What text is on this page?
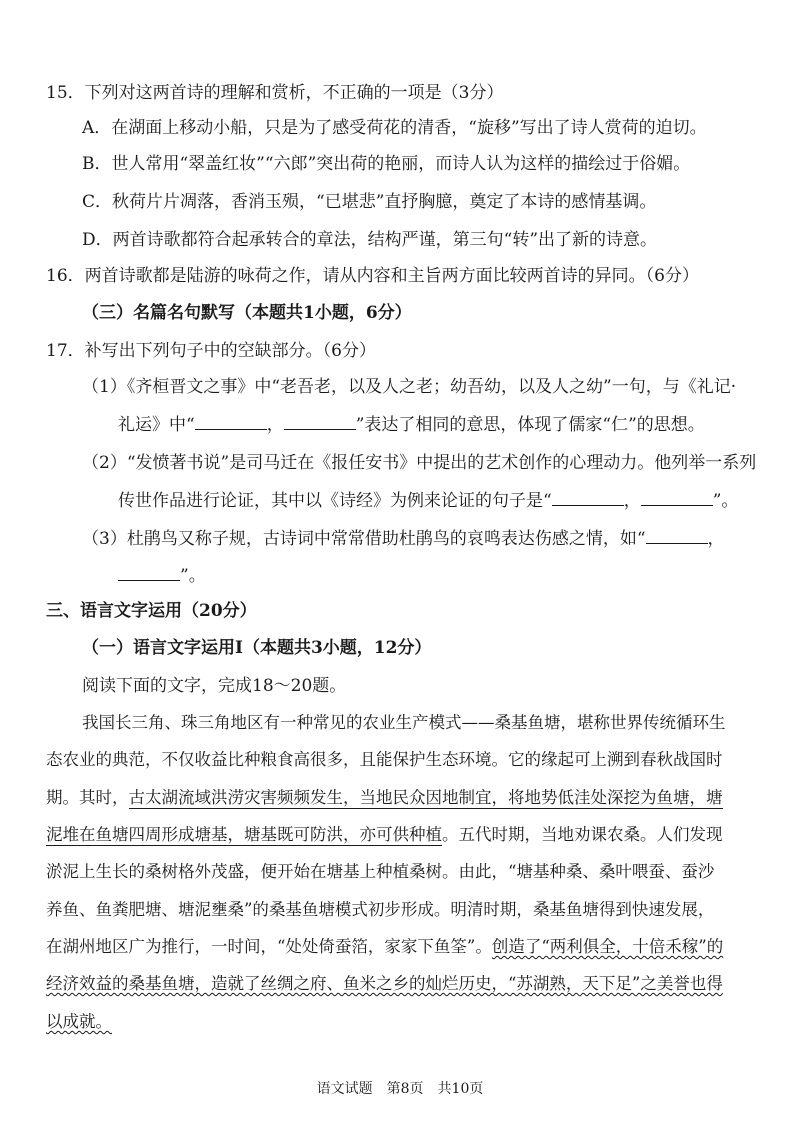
15．下列对这两首诗的理解和赏析，不正确的一项是（3分）
A．在湖面上移动小船，只是为了感受荷花的清香，“旋移”写出了诗人赏荷的迫切。
B．世人常用“翠盖红妆”“六郎”突出荷的艳丽，而诗人认为这样的描绘过于俗媚。
C．秋荷片片凋落，香消玉殒，“已堪悲”直抒胸臆，奠定了本诗的感情基调。
D．两首诗歌都符合起承转合的章法，结构严谨，第三句“转”出了新的诗意。
16．两首诗歌都是陆游的咏荷之作，请从内容和主旨两方面比较两首诗的异同。（6分）
（三）名篇名句默写（本题共1小题，6分）
17．补写出下列句子中的空缺部分。（6分）
（1）《齐桓晋文之事》中“老吾老，以及人之老；幼吾幼，以及人之幼”一句，与《礼记·
礼运》中“	，	”表达了相同的意思，体现了儒家“仁”的思想。
（2）“发愤著书说”是司马迁在《报任安书》中提出的艺术创作的心理动力。他列举一系列
传世作品进行论证，其中以《诗经》为例来论证的句子是“	，	”。
（3）杜鹃鸟又称子规，古诗词中常常借助杜鹃鸟的哀鸣表达伤感之情，如“	，
”。
三、语言文字运用（20分）
（一）语言文字运用Ⅰ（本题共3小题，12分）
阅读下面的文字，完成18～20题。
我国长三角、珠三角地区有一种常见的农业生产模式——桑基鱼塘，堪称世界传统循环生
态农业的典范，不仅收益比种粮食高很多，且能保护生态环境。它的缘起可上溯到春秋战国时
期。其时，古太湖流域洪涝灾害频频发生，当地民众因地制宜，将地势低洼处深挖为鱼塘，塘
泥堆在鱼塘四周形成塘基，塘基既可防洪，亦可供种植。五代时期，当地劝课农桑。人们发现
淤泥上生长的桑树格外茂盛，便开始在塘基上种植桑树。由此，“塘基种桑、桑叶喂蚕、蚕沙
养鱼、鱼粪肥塘、塘泥壅桑”的桑基鱼塘模式初步形成。明清时期，桑基鱼塘得到快速发展，
在湖州地区广为推行，一时间，“处处倚蚕箔，家家下鱼筌”。创造了“两利俱全，十倍禾稼”的
经济效益的桑基鱼塘，造就了丝绸之府、鱼米之乡的灿烂历史，“苏湖熟，天下足”之美誉也得
以成就。
语文试题　第8页　共10页
